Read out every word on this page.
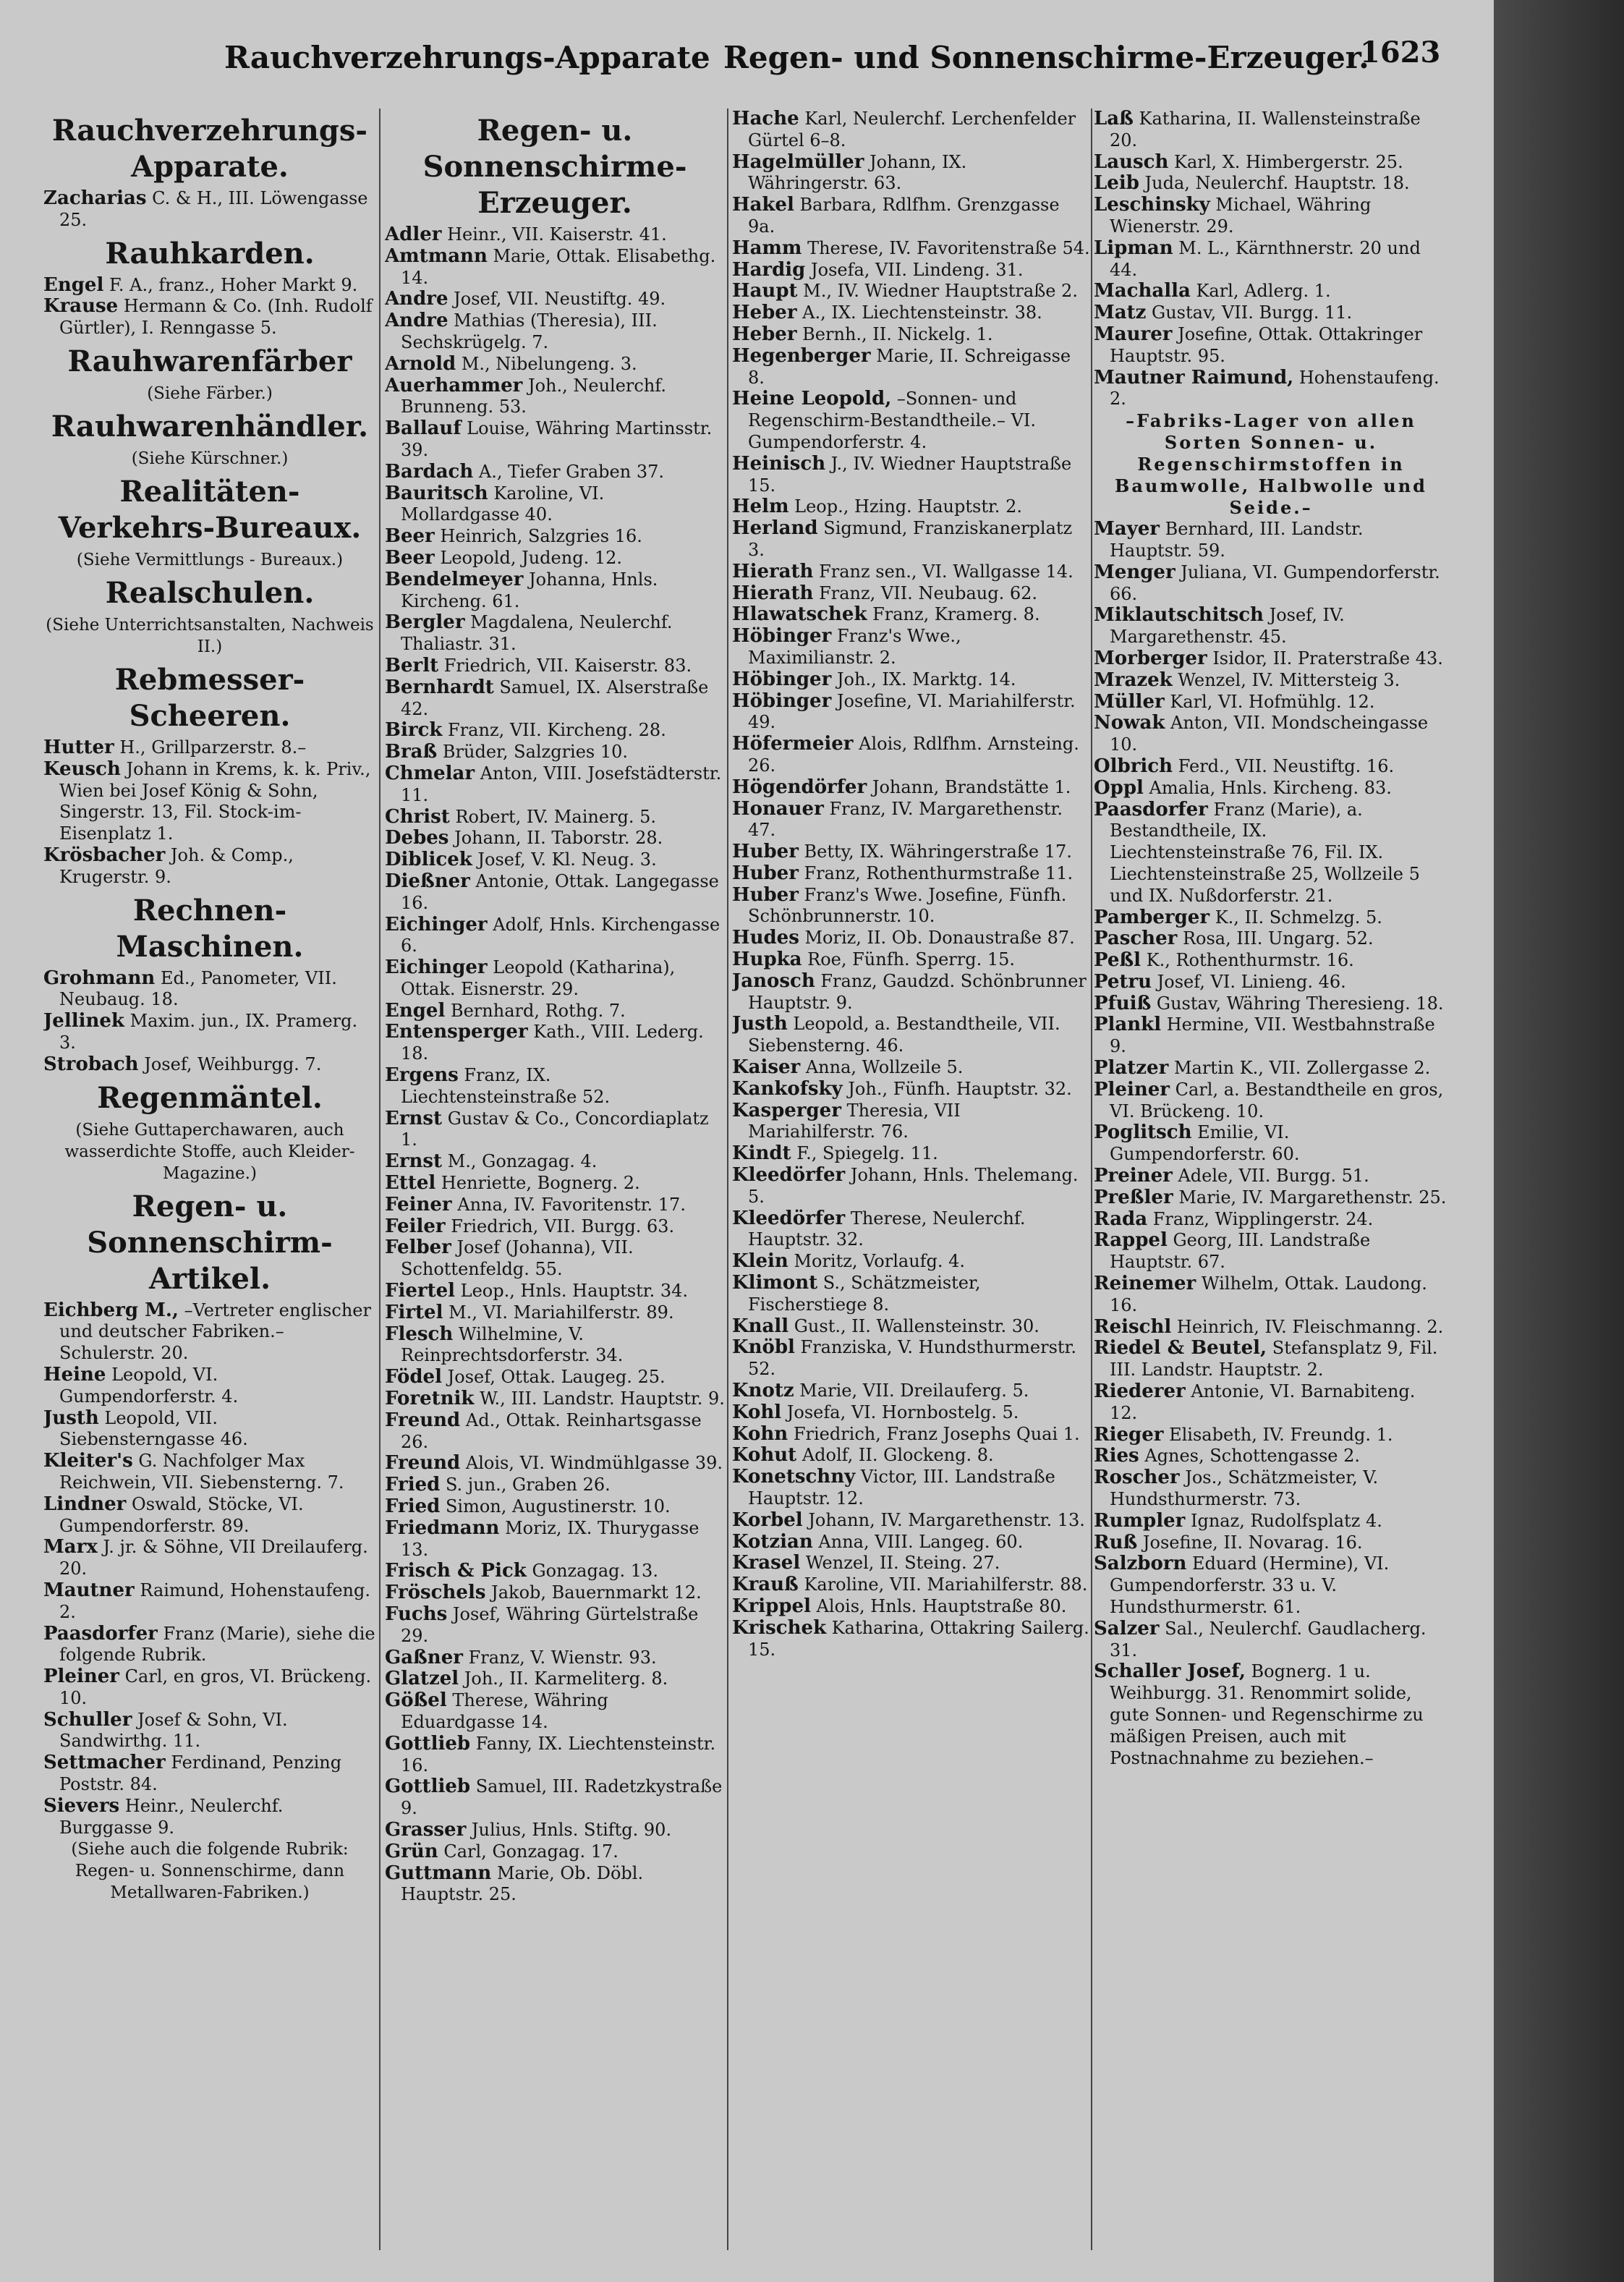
Rauchverzehrungs-Apparate Regen- und Sonnenschirme-Erzeuger.
1623
Rauchverzehrungs-Apparate.
Zacharias C. & H., III. Löwengasse 25.
Rauhkarden.
Engel F. A., franz., Hoher Markt 9.
Krause Hermann & Co. (Inh. Rudolf Gürtler), I. Renngasse 5.
Rauhwarenfärber
(Siehe Färber.)
Rauhwarenhändler.
(Siehe Kürschner.)
Realitäten-Verkehrs-Bureaux.
(Siehe Vermittlungs - Bureaux.)
Realschulen.
(Siehe Unterrichtsanstalten, Nachweis II.)
Rebmesser-Scheeren.
Hutter H., Grillparzerstr. 8.–
Keusch Johann in Krems, k. k. Priv., Wien bei Josef König & Sohn, Singerstr. 13, Fil. Stock-im-Eisenplatz 1.
Krösbacher Joh. & Comp., Krugerstr. 9.
Rechnen-Maschinen.
Grohmann Ed., Panometer, VII. Neubaug. 18.
Jellinek Maxim. jun., IX. Pramerg. 3.
Strobach Josef, Weihburgg. 7.
Regenmäntel.
(Siehe Guttaperchawaren, auch wasserdichte Stoffe, auch Kleider-Magazine.)
Regen- u. Sonnenschirm-Artikel.
Eichberg M., –Vertreter englischer und deutscher Fabriken.– Schulerstr. 20.
Heine Leopold, VI. Gumpendorferstr. 4.
Justh Leopold, VII. Siebensterngasse 46.
Kleiter's G. Nachfolger Max Reichwein, VII. Siebensterng. 7.
Lindner Oswald, Stöcke, VI. Gumpendorferstr. 89.
Marx J. jr. & Söhne, VII Dreilauferg. 20.
Mautner Raimund, Hohenstaufeng. 2.
Paasdorfer Franz (Marie), siehe die folgende Rubrik.
Pleiner Carl, en gros, VI. Brückeng. 10.
Schuller Josef & Sohn, VI. Sandwirthg. 11.
Settmacher Ferdinand, Penzing Poststr. 84.
Sievers Heinr., Neulerchf. Burggasse 9.
(Siehe auch die folgende Rubrik: Regen- u. Sonnenschirme, dann Metallwaren-Fabriken.)
Regen- u. Sonnenschirme-Erzeuger.
Adler Heinr., VII. Kaiserstr. 41.
Amtmann Marie, Ottak. Elisabethg. 14.
Andre Josef, VII. Neustiftg. 49.
Andre Mathias (Theresia), III. Sechskrügelg. 7.
Arnold M., Nibelungeng. 3.
Auerhammer Joh., Neulerchf. Brunneng. 53.
Ballauf Louise, Währing Martinsstr. 39.
Bardach A., Tiefer Graben 37.
Bauritsch Karoline, VI. Mollardgasse 40.
Beer Heinrich, Salzgries 16.
Beer Leopold, Judeng. 12.
Bendelmeyer Johanna, Hnls. Kircheng. 61.
Bergler Magdalena, Neulerchf. Thaliastr. 31.
Berlt Friedrich, VII. Kaiserstr. 83.
Bernhardt Samuel, IX. Alserstraße 42.
Birck Franz, VII. Kircheng. 28.
Braß Brüder, Salzgries 10.
Chmelar Anton, VIII. Josefstädterstr. 11.
Christ Robert, IV. Mainerg. 5.
Debes Johann, II. Taborstr. 28.
Diblicek Josef, V. Kl. Neug. 3.
Dießner Antonie, Ottak. Langegasse 16.
Eichinger Adolf, Hnls. Kirchengasse 6.
Eichinger Leopold (Katharina), Ottak. Eisnerstr. 29.
Engel Bernhard, Rothg. 7.
Entensperger Kath., VIII. Lederg. 18.
Ergens Franz, IX. Liechtensteinstraße 52.
Ernst Gustav & Co., Concordiaplatz 1.
Ernst M., Gonzagag. 4.
Ettel Henriette, Bognerg. 2.
Feiner Anna, IV. Favoritenstr. 17.
Feiler Friedrich, VII. Burgg. 63.
Felber Josef (Johanna), VII. Schottenfeldg. 55.
Fiertel Leop., Hnls. Hauptstr. 34.
Firtel M., VI. Mariahilferstr. 89.
Flesch Wilhelmine, V. Reinprechtsdorferstr. 34.
Födel Josef, Ottak. Laugeg. 25.
Foretnik W., III. Landstr. Hauptstr. 9.
Freund Ad., Ottak. Reinhartsgasse 26.
Freund Alois, VI. Windmühlgasse 39.
Fried S. jun., Graben 26.
Fried Simon, Augustinerstr. 10.
Friedmann Moriz, IX. Thurygasse 13.
Frisch & Pick Gonzagag. 13.
Fröschels Jakob, Bauernmarkt 12.
Fuchs Josef, Währing Gürtelstraße 29.
Gaßner Franz, V. Wienstr. 93.
Glatzel Joh., II. Karmeliterg. 8.
Gößel Therese, Währing Eduardgasse 14.
Gottlieb Fanny, IX. Liechtensteinstr. 16.
Gottlieb Samuel, III. Radetzkystraße 9.
Grasser Julius, Hnls. Stiftg. 90.
Grün Carl, Gonzagag. 17.
Guttmann Marie, Ob. Döbl. Hauptstr. 25.
Hache Karl, Neulerchf. Lerchenfelder Gürtel 6–8.
Hagelmüller Johann, IX. Währingerstr. 63.
Hakel Barbara, Rdlfhm. Grenzgasse 9a.
Hamm Therese, IV. Favoritenstraße 54.
Hardig Josefa, VII. Lindeng. 31.
Haupt M., IV. Wiedner Hauptstraße 2.
Heber A., IX. Liechtensteinstr. 38.
Heber Bernh., II. Nickelg. 1.
Hegenberger Marie, II. Schreigasse 8.
Heine Leopold, –Sonnen- und Regenschirm-Bestandtheile.– VI. Gumpendorferstr. 4.
Heinisch J., IV. Wiedner Hauptstraße 15.
Helm Leop., Hzing. Hauptstr. 2.
Herland Sigmund, Franziskanerplatz 3.
Hierath Franz sen., VI. Wallgasse 14.
Hierath Franz, VII. Neubaug. 62.
Hlawatschek Franz, Kramerg. 8.
Höbinger Franz's Wwe., Maximilianstr. 2.
Höbinger Joh., IX. Marktg. 14.
Höbinger Josefine, VI. Mariahilferstr. 49.
Höfermeier Alois, Rdlfhm. Arnsteing. 26.
Högendörfer Johann, Brandstätte 1.
Honauer Franz, IV. Margarethenstr. 47.
Huber Betty, IX. Währingerstraße 17.
Huber Franz, Rothenthurmstraße 11.
Huber Franz's Wwe. Josefine, Fünfh. Schönbrunnerstr. 10.
Hudes Moriz, II. Ob. Donaustraße 87.
Hupka Roe, Fünfh. Sperrg. 15.
Janosch Franz, Gaudzd. Schönbrunner Hauptstr. 9.
Justh Leopold, a. Bestandtheile, VII. Siebensterng. 46.
Kaiser Anna, Wollzeile 5.
Kankofsky Joh., Fünfh. Hauptstr. 32.
Kasperger Theresia, VII Mariahilferstr. 76.
Kindt F., Spiegelg. 11.
Kleedörfer Johann, Hnls. Thelemang. 5.
Kleedörfer Therese, Neulerchf. Hauptstr. 32.
Klein Moritz, Vorlaufg. 4.
Klimont S., Schätzmeister, Fischerstiege 8.
Knall Gust., II. Wallensteinstr. 30.
Knöbl Franziska, V. Hundsthurmerstr. 52.
Knotz Marie, VII. Dreilauferg. 5.
Kohl Josefa, VI. Hornbostelg. 5.
Kohn Friedrich, Franz Josephs Quai 1.
Kohut Adolf, II. Glockeng. 8.
Konetschny Victor, III. Landstraße Hauptstr. 12.
Korbel Johann, IV. Margarethenstr. 13.
Kotzian Anna, VIII. Langeg. 60.
Krasel Wenzel, II. Steing. 27.
Krauß Karoline, VII. Mariahilferstr. 88.
Krippel Alois, Hnls. Hauptstraße 80.
Krischek Katharina, Ottakring Sailerg. 15.
Laß Katharina, II. Wallensteinstraße 20.
Lausch Karl, X. Himbergerstr. 25.
Leib Juda, Neulerchf. Hauptstr. 18.
Leschinsky Michael, Währing Wienerstr. 29.
Lipman M. L., Kärnthnerstr. 20 und 44.
Machalla Karl, Adlerg. 1.
Matz Gustav, VII. Burgg. 11.
Maurer Josefine, Ottak. Ottakringer Hauptstr. 95.
Mautner Raimund, Hohenstaufeng. 2.
–Fabriks-Lager von allen Sorten Sonnen- u. Regenschirmstoffen in Baumwolle, Halbwolle und Seide.–
Mayer Bernhard, III. Landstr. Hauptstr. 59.
Menger Juliana, VI. Gumpendorferstr. 66.
Miklautschitsch Josef, IV. Margarethenstr. 45.
Morberger Isidor, II. Praterstraße 43.
Mrazek Wenzel, IV. Mittersteig 3.
Müller Karl, VI. Hofmühlg. 12.
Nowak Anton, VII. Mondscheingasse 10.
Olbrich Ferd., VII. Neustiftg. 16.
Oppl Amalia, Hnls. Kircheng. 83.
Paasdorfer Franz (Marie), a. Bestandtheile, IX. Liechtensteinstraße 76, Fil. IX. Liechtensteinstraße 25, Wollzeile 5 und IX. Nußdorferstr. 21.
Pamberger K., II. Schmelzg. 5.
Pascher Rosa, III. Ungarg. 52.
Peßl K., Rothenthurmstr. 16.
Petru Josef, VI. Linieng. 46.
Pfuiß Gustav, Währing Theresieng. 18.
Plankl Hermine, VII. Westbahnstraße 9.
Platzer Martin K., VII. Zollergasse 2.
Pleiner Carl, a. Bestandtheile en gros, VI. Brückeng. 10.
Poglitsch Emilie, VI. Gumpendorferstr. 60.
Preiner Adele, VII. Burgg. 51.
Preßler Marie, IV. Margarethenstr. 25.
Rada Franz, Wipplingerstr. 24.
Rappel Georg, III. Landstraße Hauptstr. 67.
Reinemer Wilhelm, Ottak. Laudong. 16.
Reischl Heinrich, IV. Fleischmanng. 2.
Riedel & Beutel, Stefansplatz 9, Fil. III. Landstr. Hauptstr. 2.
Riederer Antonie, VI. Barnabiteng. 12.
Rieger Elisabeth, IV. Freundg. 1.
Ries Agnes, Schottengasse 2.
Roscher Jos., Schätzmeister, V. Hundsthurmerstr. 73.
Rumpler Ignaz, Rudolfsplatz 4.
Ruß Josefine, II. Novarag. 16.
Salzborn Eduard (Hermine), VI. Gumpendorferstr. 33 u. V. Hundsthurmerstr. 61.
Salzer Sal., Neulerchf. Gaudlacherg. 31.
Schaller Josef, Bognerg. 1 u. Weihburgg. 31. Renommirt solide, gute Sonnen- und Regenschirme zu mäßigen Preisen, auch mit Postnachnahme zu beziehen.–
